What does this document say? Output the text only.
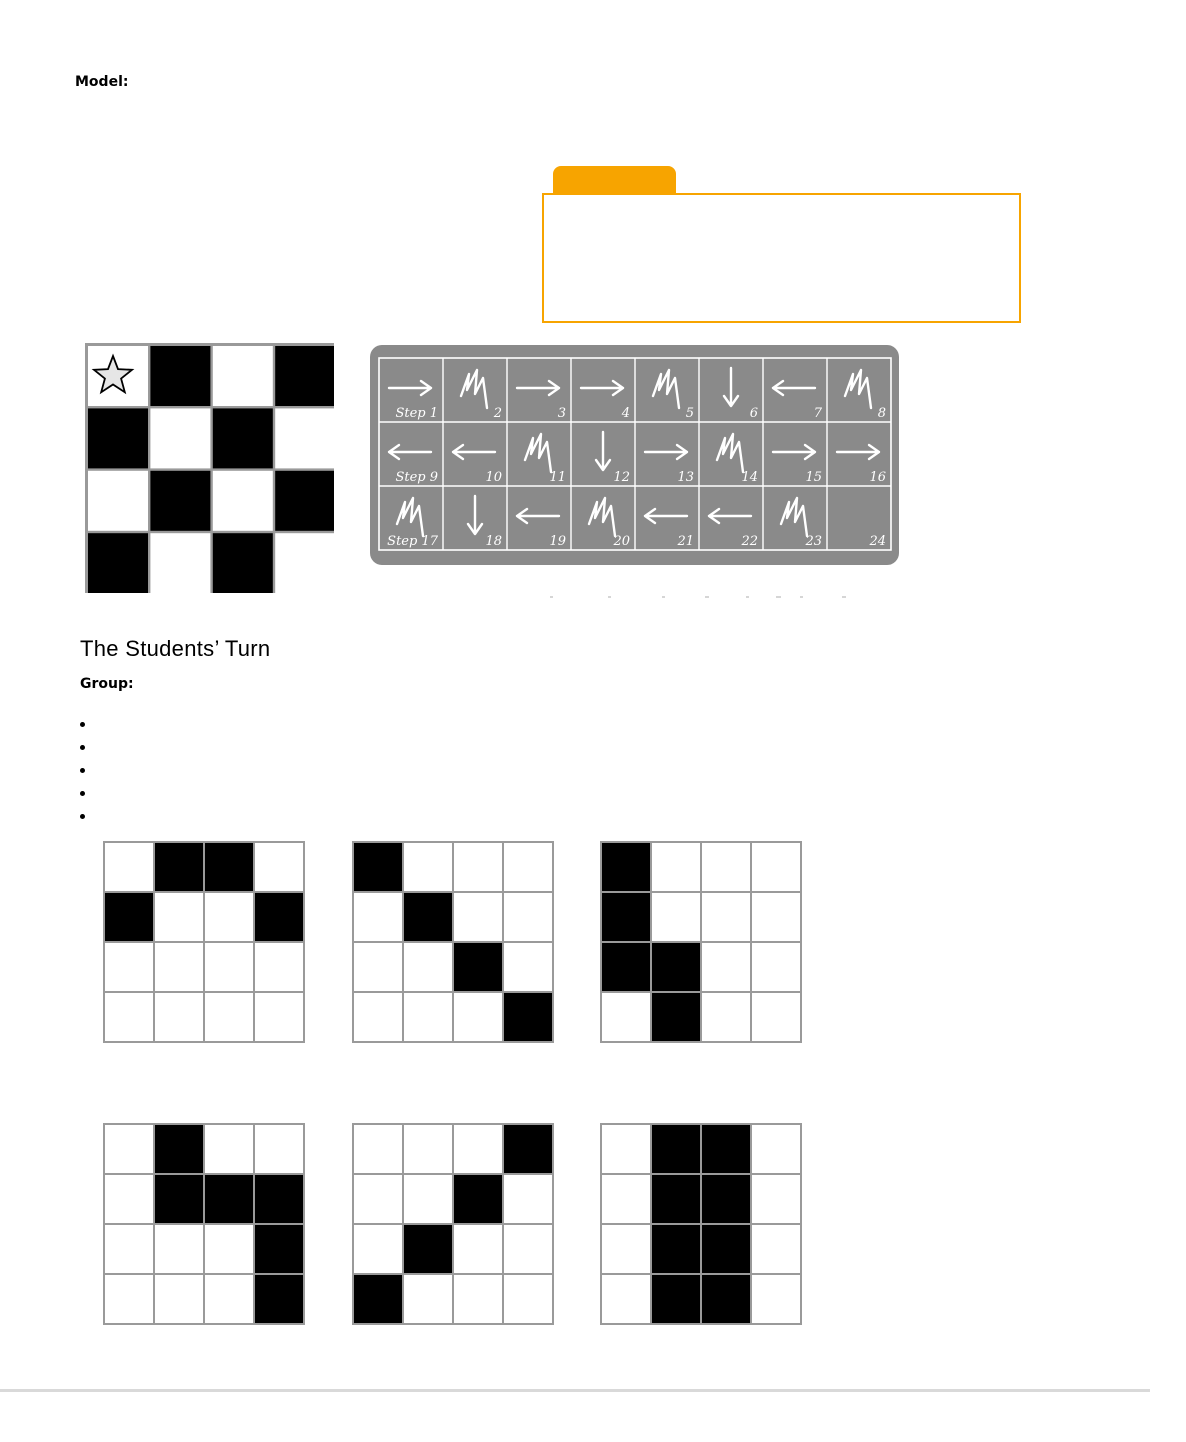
Model:
Step 1	2	3	4	5	6	7	8
Step 9	10	11	12	13	14	15	16
Step 17	18	19	20	21	22	23	24
The Students’ Turn
Group:
